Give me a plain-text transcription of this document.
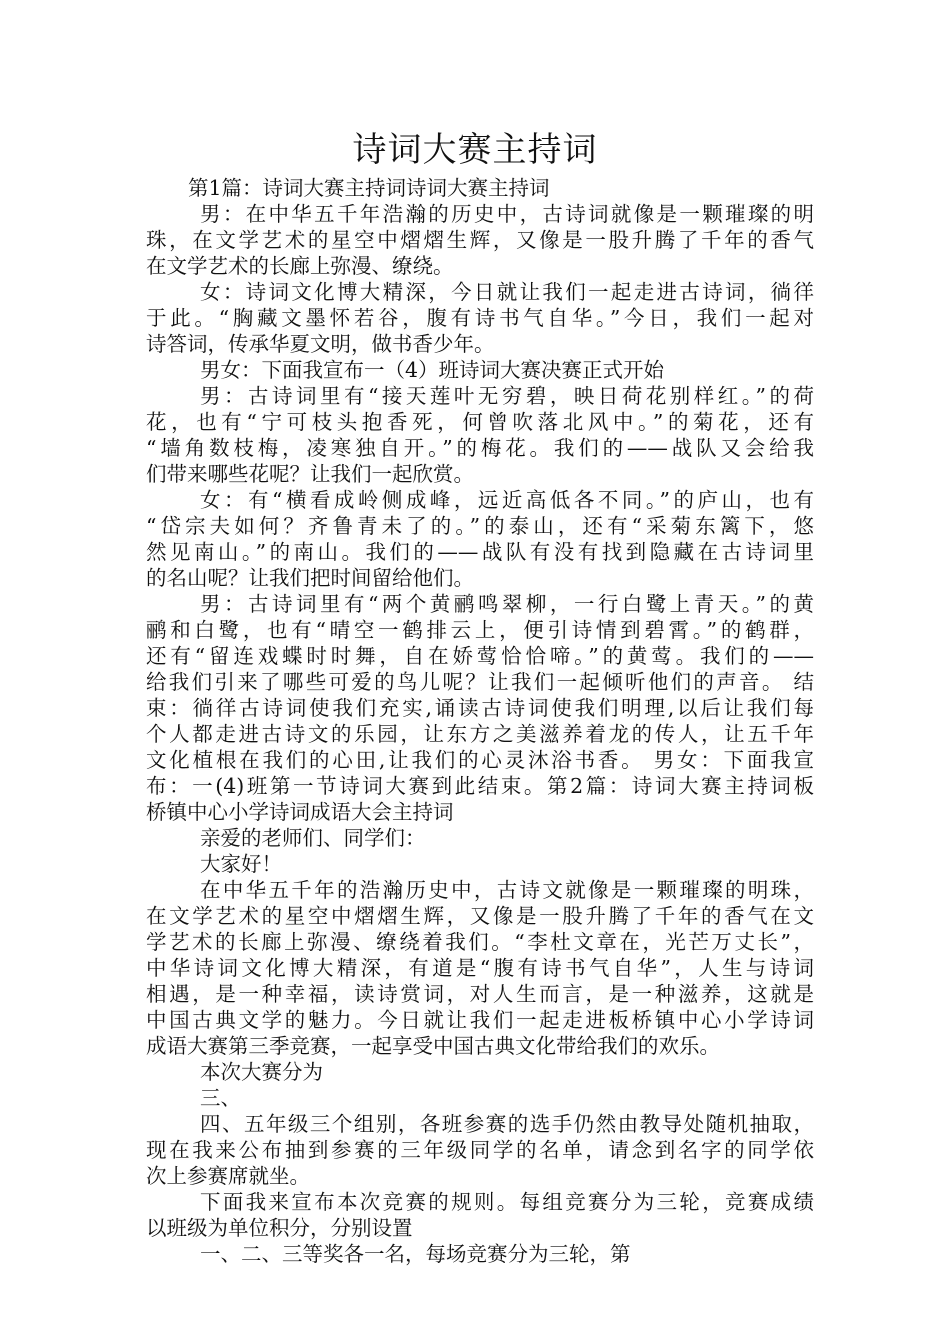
诗词大赛主持词
第1篇：诗词大赛主持词诗词大赛主持词
男：在中华五千年浩瀚的历史中，古诗词就像是一颗璀璨的明
珠，在文学艺术的星空中熠熠生辉，又像是一股升腾了千年的香气
在文学艺术的长廊上弥漫、缭绕。
女：诗词文化博大精深，今日就让我们一起走进古诗词，徜徉
于此。“胸藏文墨怀若谷，腹有诗书气自华。”今日，我们一起对
诗答词，传承华夏文明，做书香少年。
男女：下面我宣布一（4）班诗词大赛决赛正式开始
男：古诗词里有“接天莲叶无穷碧，映日荷花别样红。”的荷
花，也有“宁可枝头抱香死，何曾吹落北风中。”的菊花，还有
“墙角数枝梅，凌寒独自开。”的梅花。我们的——战队又会给我
们带来哪些花呢？让我们一起欣赏。
女：有“横看成岭侧成峰，远近高低各不同。”的庐山，也有
“岱宗夫如何？齐鲁青未了的。”的泰山，还有“采菊东篱下，悠
然见南山。”的南山。我们的——战队有没有找到隐藏在古诗词里
的名山呢？让我们把时间留给他们。
男：古诗词里有“两个黄鹂鸣翠柳，一行白鹭上青天。”的黄
鹂和白鹭，也有“晴空一鹤排云上，便引诗情到碧霄。”的鹤群，
还有“留连戏蝶时时舞，自在娇莺恰恰啼。”的黄莺。我们的——
给我们引来了哪些可爱的鸟儿呢？让我们一起倾听他们的声音。 结
束：徜徉古诗词使我们充实,诵读古诗词使我们明理,以后让我们每
个人都走进古诗文的乐园，让东方之美滋养着龙的传人，让五千年
文化植根在我们的心田,让我们的心灵沐浴书香。 男女：下面我宣
布：一(4)班第一节诗词大赛到此结束。第2篇：诗词大赛主持词板
桥镇中心小学诗词成语大会主持词
亲爱的老师们、同学们：
大家好！
在中华五千年的浩瀚历史中，古诗文就像是一颗璀璨的明珠，
在文学艺术的星空中熠熠生辉，又像是一股升腾了千年的香气在文
学艺术的长廊上弥漫、缭绕着我们。“李杜文章在，光芒万丈长”，
中华诗词文化博大精深，有道是“腹有诗书气自华”，人生与诗词
相遇，是一种幸福，读诗赏词，对人生而言，是一种滋养，这就是
中国古典文学的魅力。今日就让我们一起走进板桥镇中心小学诗词
成语大赛第三季竞赛，一起享受中国古典文化带给我们的欢乐。
本次大赛分为
三、
四、五年级三个组别，各班参赛的选手仍然由教导处随机抽取，
现在我来公布抽到参赛的三年级同学的名单，请念到名字的同学依
次上参赛席就坐。
下面我来宣布本次竞赛的规则。每组竞赛分为三轮，竞赛成绩
以班级为单位积分，分别设置
一、二、三等奖各一名，每场竞赛分为三轮，第
